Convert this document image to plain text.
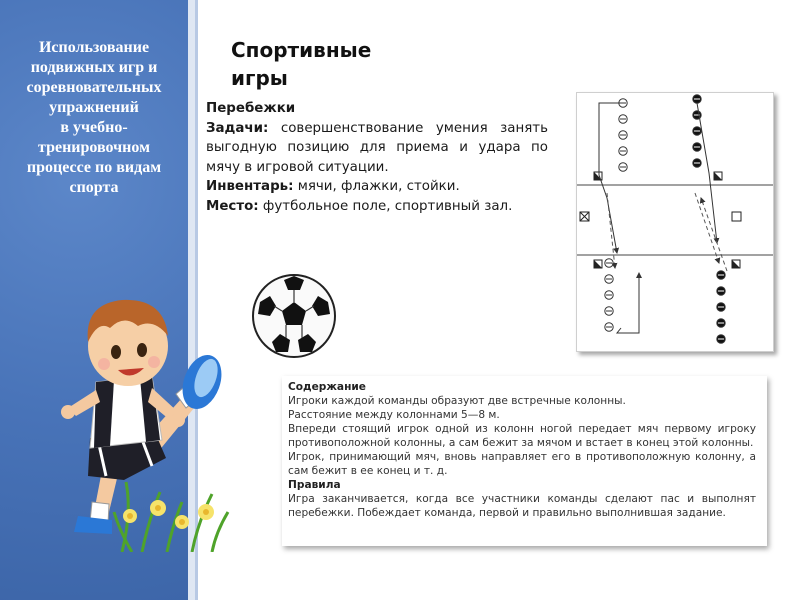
Использование
подвижных игр и
соревновательных
упражнений
в учебно-
тренировочном
процессе по видам
спорта
Спортивные
игры

Перебежки

Задачи: совершенствование умения занять выгодную позицию для приема и удара по мячу в игровой ситуации.

Инвентарь: мячи, флажки, стойки.

Место: футбольное поле, спортивный зал.

Содержание

Игроки каждой команды образуют две встречные колонны.

Расстояние между колоннами 5—8 м.

Впереди стоящий игрок одной из колонн ногой передает мяч первому игроку противоположной колонны, а сам бежит за мячом и встает в конец этой колонны.

Игрок, принимающий мяч, вновь направляет его в противоположную колонну, а сам бежит в ее конец и т. д.

Правила

Игра заканчивается, когда все участники команды сделают пас и выполнят перебежки. Побеждает команда, первой и правильно выполнившая задание.
